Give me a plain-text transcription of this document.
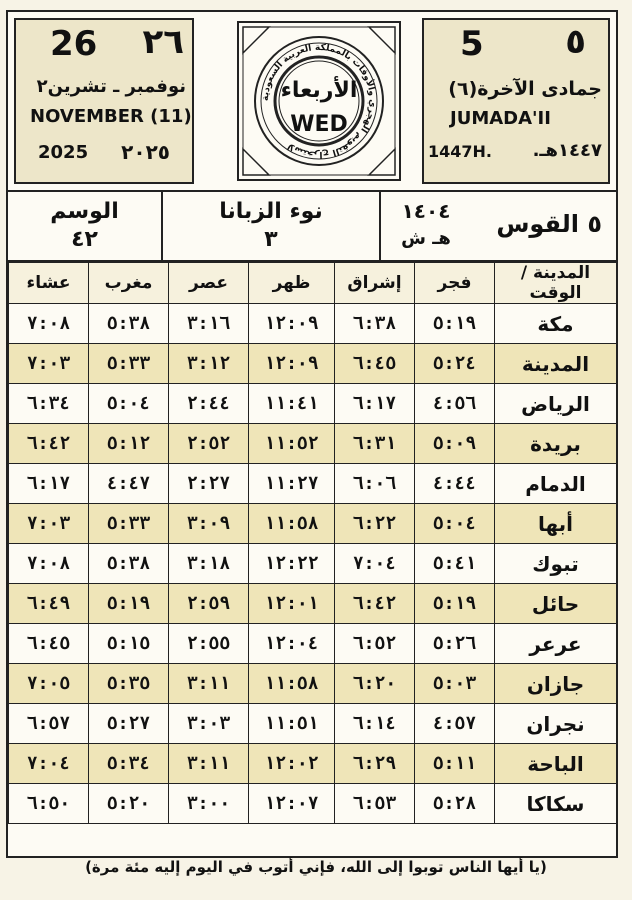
26 ٢٦
نوفمبر ـ تشرين٢
NOVEMBER (11)
2025 ٢٠٢٥
لاستخراج التقويم الهجري والأوقات بالمملكة العربية السعودية
الأربعاء
WED
5 ٥
جمادى الآخرة(٦)
JUMADA'II
١٤٤٧هـ.
1447H.
الوسم
٤٢
نوء الزبانا
٣
١٤٠٤
هـ ش
٥ القوس
المدينة / الوقت	فجر	إشراق	ظهر	عصر	مغرب	عشاء
مكة	٥:١٩	٦:٣٨	١٢:٠٩	٣:١٦	٥:٣٨	٧:٠٨
المدينة	٥:٢٤	٦:٤٥	١٢:٠٩	٣:١٢	٥:٣٣	٧:٠٣
الرياض	٤:٥٦	٦:١٧	١١:٤١	٢:٤٤	٥:٠٤	٦:٣٤
بريدة	٥:٠٩	٦:٣١	١١:٥٢	٢:٥٢	٥:١٢	٦:٤٢
الدمام	٤:٤٤	٦:٠٦	١١:٢٧	٢:٢٧	٤:٤٧	٦:١٧
أبها	٥:٠٤	٦:٢٢	١١:٥٨	٣:٠٩	٥:٣٣	٧:٠٣
تبوك	٥:٤١	٧:٠٤	١٢:٢٢	٣:١٨	٥:٣٨	٧:٠٨
حائل	٥:١٩	٦:٤٢	١٢:٠١	٢:٥٩	٥:١٩	٦:٤٩
عرعر	٥:٢٦	٦:٥٢	١٢:٠٤	٢:٥٥	٥:١٥	٦:٤٥
جازان	٥:٠٣	٦:٢٠	١١:٥٨	٣:١١	٥:٣٥	٧:٠٥
نجران	٤:٥٧	٦:١٤	١١:٥١	٣:٠٣	٥:٢٧	٦:٥٧
الباحة	٥:١١	٦:٢٩	١٢:٠٢	٣:١١	٥:٣٤	٧:٠٤
سكاكا	٥:٢٨	٦:٥٣	١٢:٠٧	٣:٠٠	٥:٢٠	٦:٥٠
(يا أيها الناس توبوا إلى الله، فإني أتوب في اليوم إليه مئة مرة)
